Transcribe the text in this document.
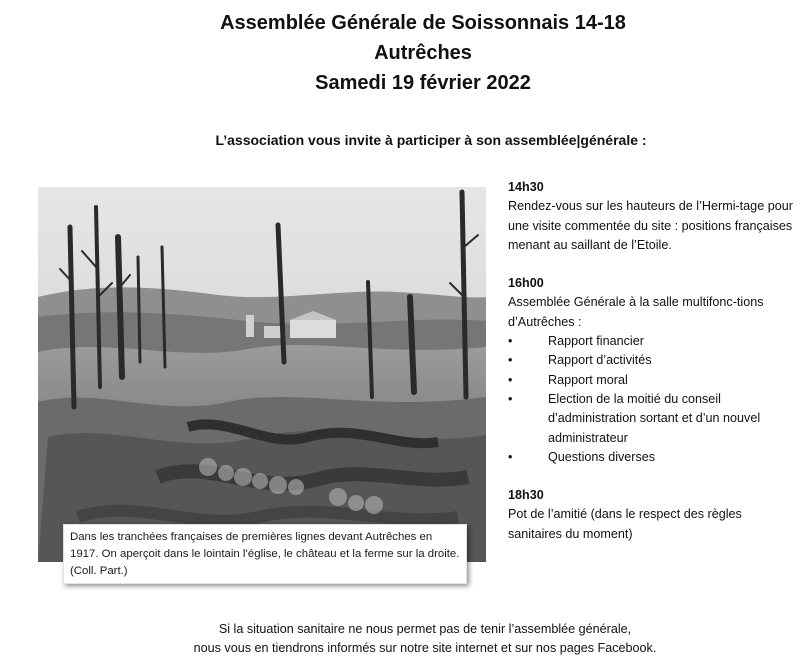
Assemblée Générale de Soissonnais 14-18
Autrêches
Samedi 19 février 2022
L’association vous invite à participer à son assemblée|générale :
Dans les tranchées françaises de premières lignes devant Autrêches en 1917. On aperçoit dans le lointain l’église, le château et la ferme sur la droite. (Coll. Part.)
14h30
Rendez-vous sur les hauteurs de l’Hermi-tage pour une visite commentée du site : positions françaises menant au saillant de l’Etoile.
16h00
Assemblée Générale à la salle multifonc-tions d’Autrêches :
•	Rapport financier
•	Rapport d’activités
•	Rapport moral
•	Election de la moitié du conseil d’administration sortant et d’un nouvel administrateur
•	Questions diverses
18h30
Pot de l’amitié (dans le respect des règles sanitaires du moment)
Si la situation sanitaire ne nous permet pas de tenir l’assemblée générale,
nous vous en tiendrons informés sur notre site internet et sur nos pages Facebook.
